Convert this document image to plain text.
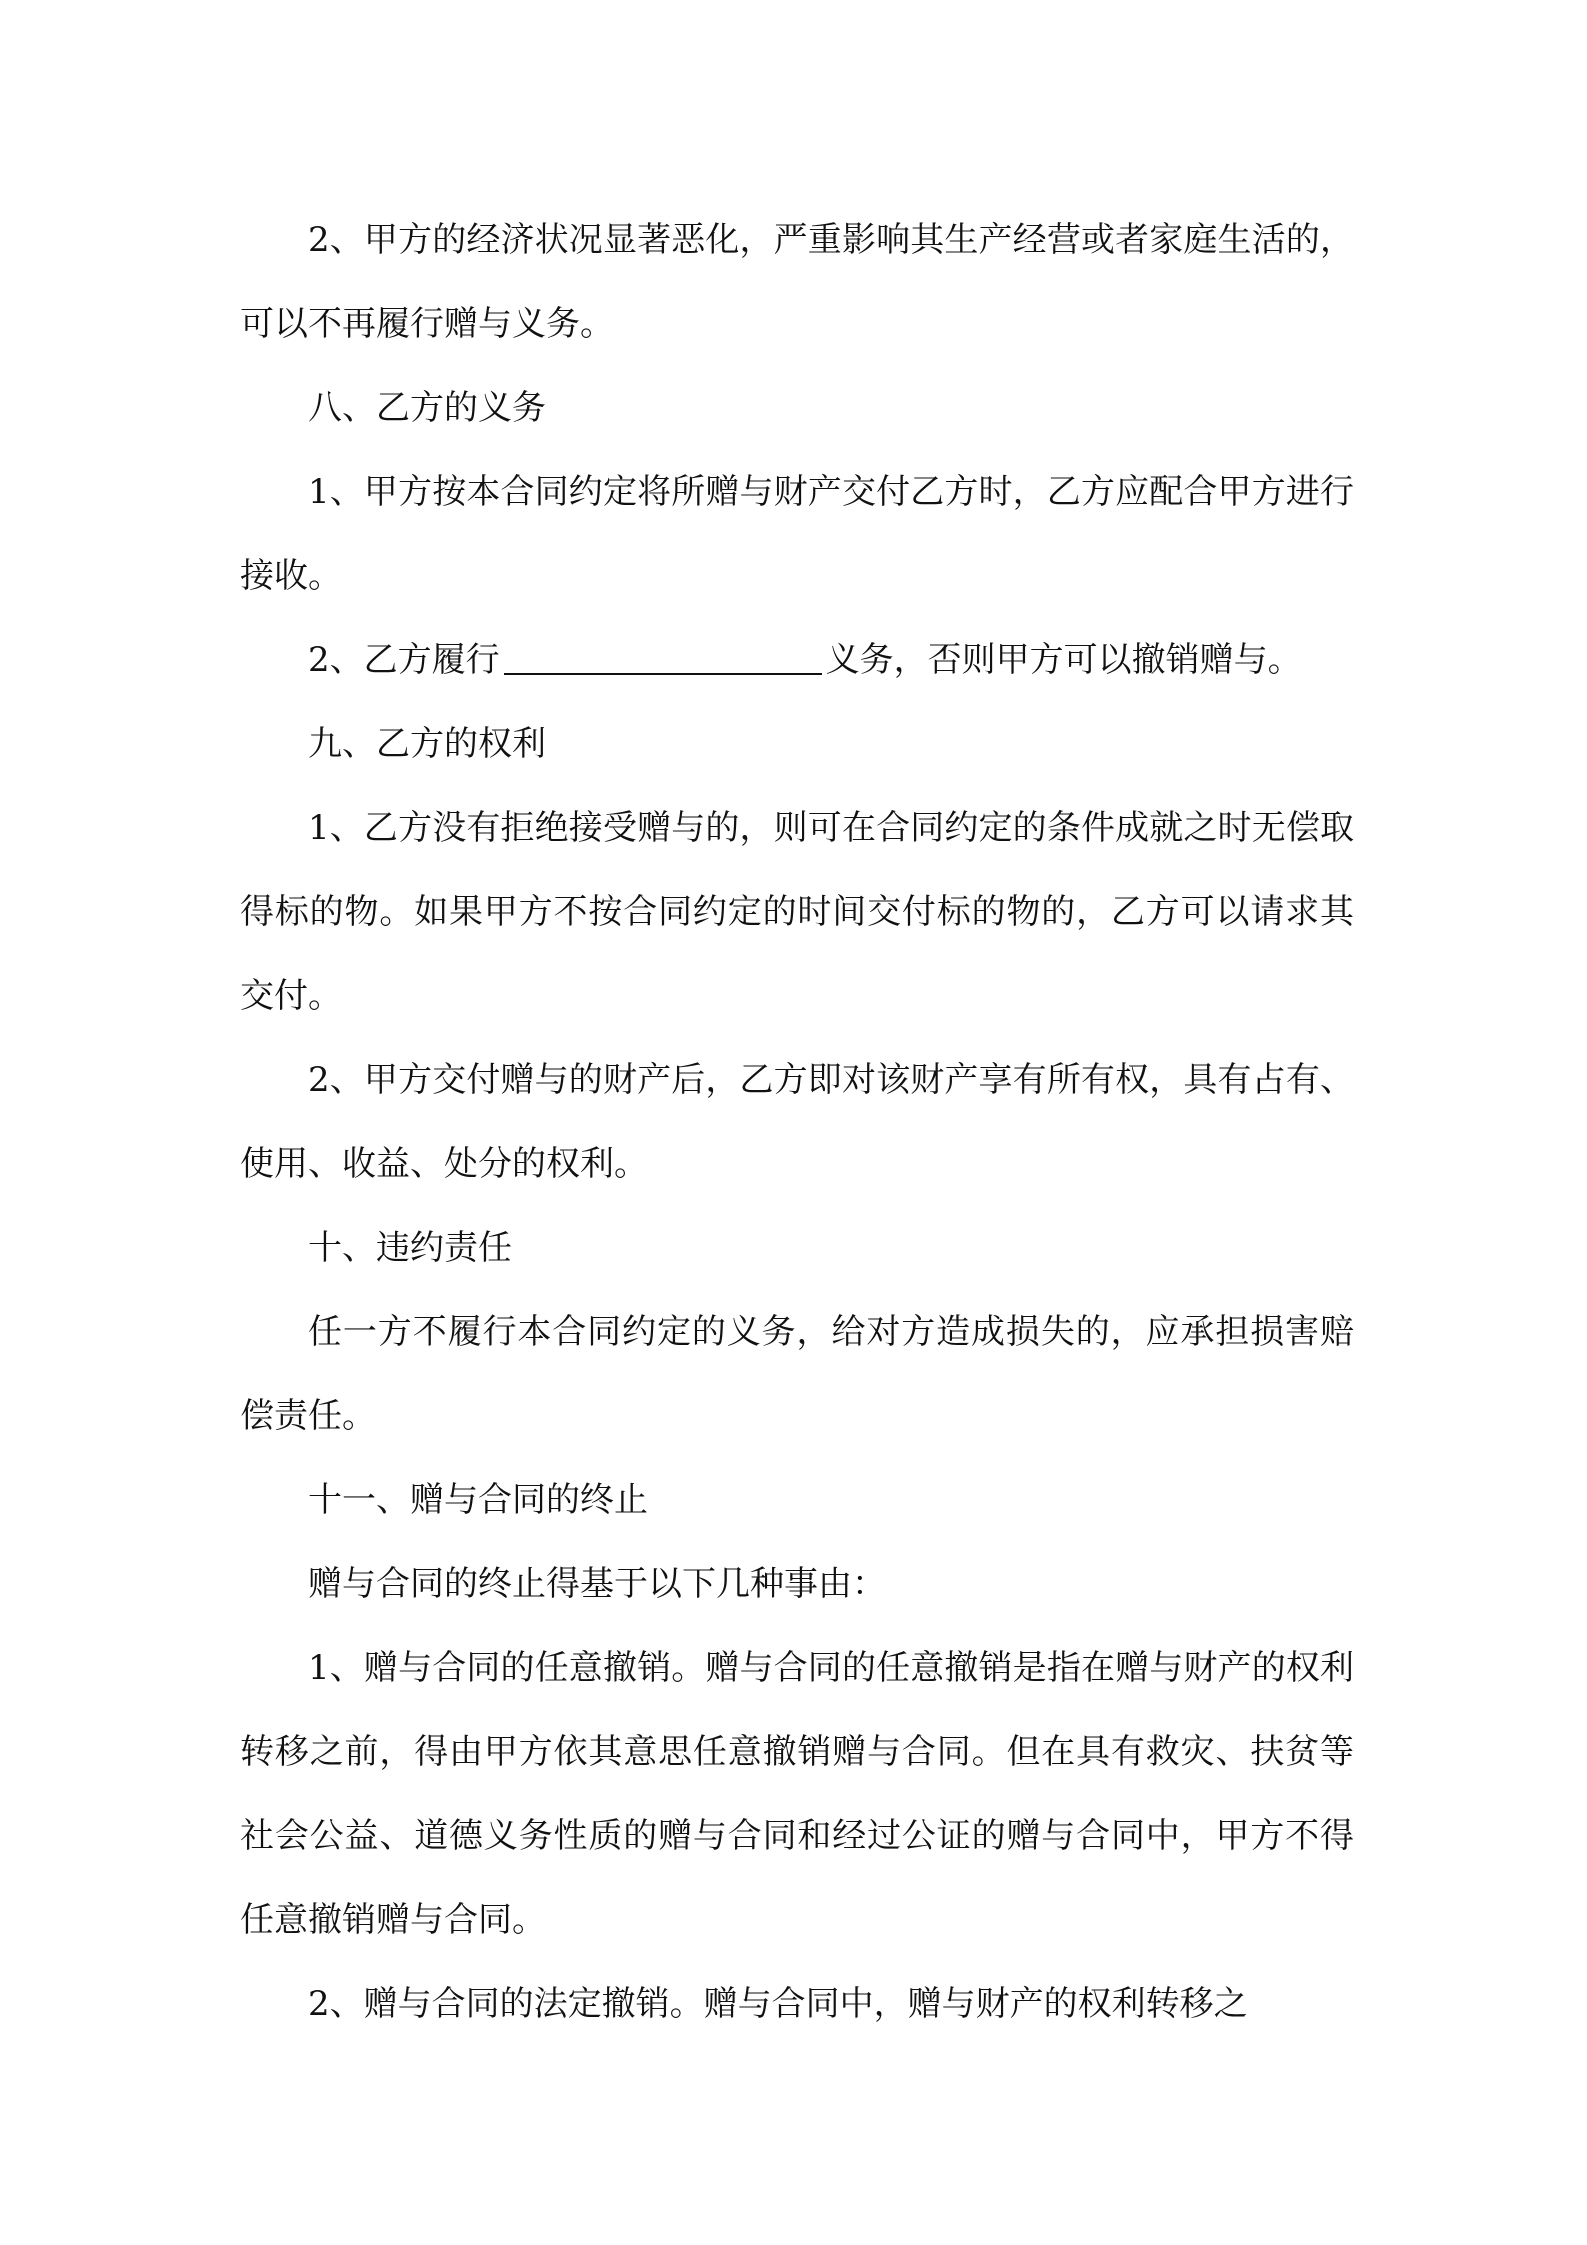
2、甲方的经济状况显著恶化，严重影响其生产经营或者家庭生活的，可以不再履行赠与义务。

八、乙方的义务

1、甲方按本合同约定将所赠与财产交付乙方时，乙方应配合甲方进行接收。

2、乙方履行	义务，否则甲方可以撤销赠与。

九、乙方的权利

1、乙方没有拒绝接受赠与的，则可在合同约定的条件成就之时无偿取得标的物。如果甲方不按合同约定的时间交付标的物的，乙方可以请求其交付。

2、甲方交付赠与的财产后，乙方即对该财产享有所有权，具有占有、使用、收益、处分的权利。

十、违约责任

任一方不履行本合同约定的义务，给对方造成损失的，应承担损害赔偿责任。

十一、赠与合同的终止

赠与合同的终止得基于以下几种事由：

1、赠与合同的任意撤销。赠与合同的任意撤销是指在赠与财产的权利转移之前，得由甲方依其意思任意撤销赠与合同。但在具有救灾、扶贫等社会公益、道德义务性质的赠与合同和经过公证的赠与合同中，甲方不得任意撤销赠与合同。

2、赠与合同的法定撤销。赠与合同中，赠与财产的权利转移之
